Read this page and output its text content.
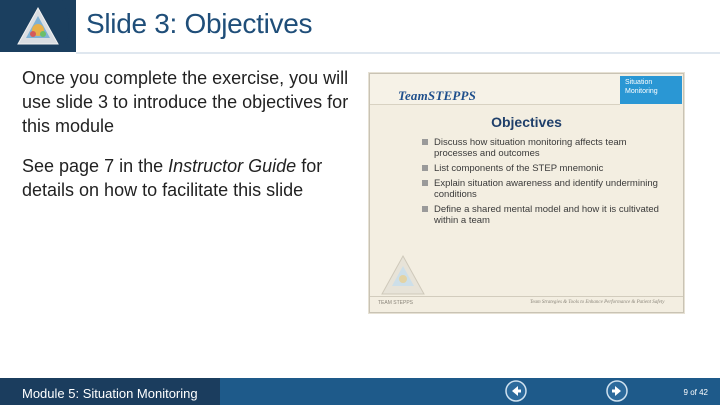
Slide 3: Objectives

Once you complete the exercise, you will use slide 3 to introduce the objectives for this module

See page 7 in the Instructor Guide for details on how to facilitate this slide

TeamSTEPPS
Situation Monitoring
Objectives
Discuss how situation monitoring affects team processes and outcomes
List components of the STEP mnemonic
Explain situation awareness and identify undermining conditions
Define a shared mental model and how it is cultivated within a team
TEAM STEPPS	Team Strategies & Tools to Enhance Performance & Patient Safety
Module 5: Situation Monitoring	9 of 42
